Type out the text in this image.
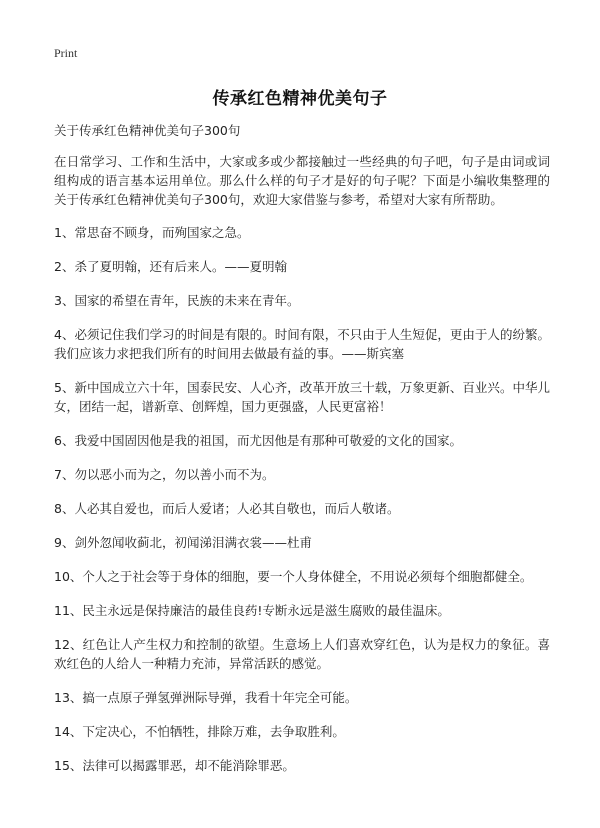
Print
传承红色精神优美句子

关于传承红色精神优美句子300句

在日常学习、工作和生活中，大家或多或少都接触过一些经典的句子吧，句子是由词或词组构成的语言基本运用单位。那么什么样的句子才是好的句子呢？下面是小编收集整理的关于传承红色精神优美句子300句，欢迎大家借鉴与参考，希望对大家有所帮助。

1、常思奋不顾身，而殉国家之急。

2、杀了夏明翰，还有后来人。——夏明翰

3、国家的希望在青年，民族的未来在青年。

4、必须记住我们学习的时间是有限的。时间有限，不只由于人生短促，更由于人的纷繁。我们应该力求把我们所有的时间用去做最有益的事。——斯宾塞

5、新中国成立六十年，国泰民安、人心齐，改革开放三十载，万象更新、百业兴。中华儿女，团结一起，谱新章、创辉煌，国力更强盛，人民更富裕！

6、我爱中国固因他是我的祖国，而尤因他是有那种可敬爱的文化的国家。

7、勿以恶小而为之，勿以善小而不为。

8、人必其自爱也，而后人爱诸；人必其自敬也，而后人敬诸。

9、剑外忽闻收蓟北，初闻涕泪满衣裳——杜甫

10、个人之于社会等于身体的细胞，要一个人身体健全，不用说必须每个细胞都健全。

11、民主永远是保持廉洁的最佳良药!专断永远是滋生腐败的最佳温床。

12、红色让人产生权力和控制的欲望。生意场上人们喜欢穿红色，认为是权力的象征。喜欢红色的人给人一种精力充沛，异常活跃的感觉。

13、搞一点原子弹氢弹洲际导弹，我看十年完全可能。

14、下定决心，不怕牺牲，排除万难，去争取胜利。

15、法律可以揭露罪恶，却不能消除罪恶。
